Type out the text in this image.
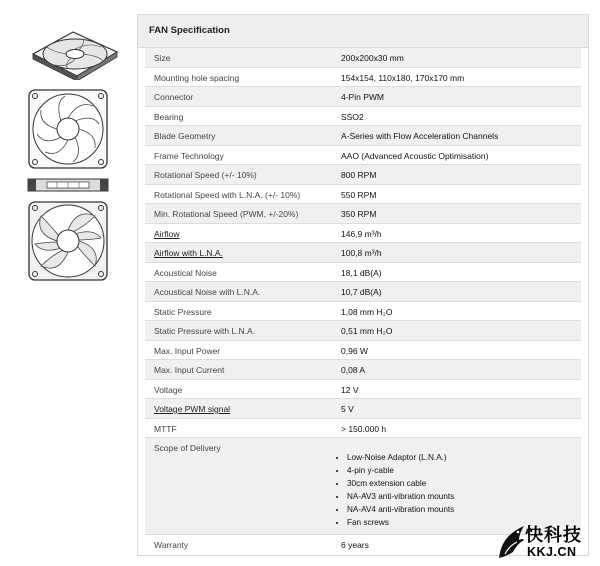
FAN Specification
Size	200x200x30 mm
Mounting hole spacing	154x154, 110x180, 170x170 mm
Connector	4-Pin PWM
Bearing	SSO2
Blade Geometry	A-Series with Flow Acceleration Channels
Frame Technology	AAO (Advanced Acoustic Optimisation)
Rotational Speed (+/- 10%)	800 RPM
Rotational Speed with L.N.A. (+/- 10%)	550 RPM
Min. Rotational Speed (PWM, +/-20%)	350 RPM
Airflow	146,9 m³/h
Airflow with L.N.A.	100,8 m³/h
Acoustical Noise	18,1 dB(A)
Acoustical Noise with L.N.A.	10,7 dB(A)
Static Pressure	1,08 mm H₂O
Static Pressure with L.N.A.	0,51 mm H₂O
Max. Input Power	0,96 W
Max. Input Current	0,08 A
Voltage	12 V
Voltage PWM signal	5 V
MTTF	> 150.000 h
Scope of Delivery
• Low-Noise Adaptor (L.N.A.)
• 4-pin y-cable
• 30cm extension cable
• NA-AV3 anti-vibration mounts
• NA-AV4 anti-vibration mounts
• Fan screws
Warranty	6 years	快科技
KKJ.CN
